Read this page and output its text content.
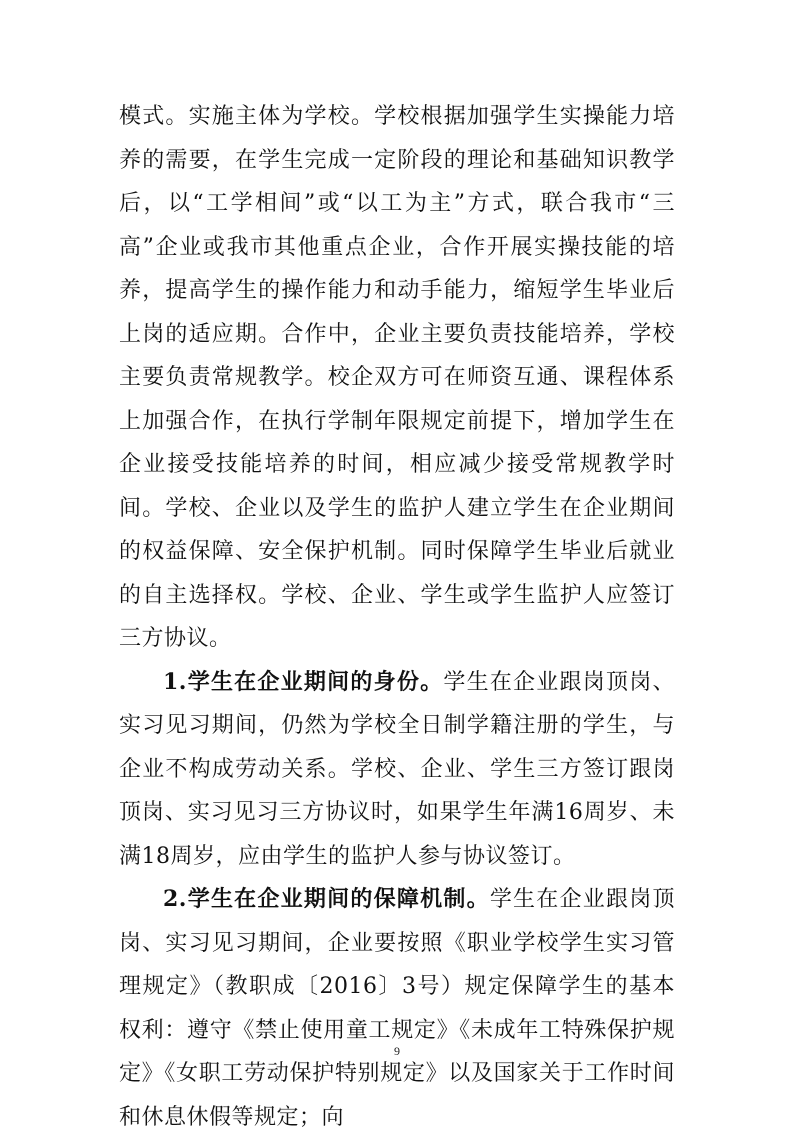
模式。实施主体为学校。学校根据加强学生实操能力培养的需要，在学生完成一定阶段的理论和基础知识教学后，以“工学相间”或“以工为主”方式，联合我市“三高”企业或我市其他重点企业，合作开展实操技能的培养，提高学生的操作能力和动手能力，缩短学生毕业后上岗的适应期。合作中，企业主要负责技能培养，学校主要负责常规教学。校企双方可在师资互通、课程体系上加强合作，在执行学制年限规定前提下，增加学生在企业接受技能培养的时间，相应减少接受常规教学时间。学校、企业以及学生的监护人建立学生在企业期间的权益保障、安全保护机制。同时保障学生毕业后就业的自主选择权。学校、企业、学生或学生监护人应签订三方协议。

1.学生在企业期间的身份。学生在企业跟岗顶岗、实习见习期间，仍然为学校全日制学籍注册的学生，与企业不构成劳动关系。学校、企业、学生三方签订跟岗顶岗、实习见习三方协议时，如果学生年满16周岁、未满18周岁，应由学生的监护人参与协议签订。

2.学生在企业期间的保障机制。学生在企业跟岗顶岗、实习见习期间，企业要按照《职业学校学生实习管理规定》（教职成〔2016〕3号）规定保障学生的基本权利：遵守《禁止使用童工规定》《未成年工特殊保护规定》《女职工劳动保护特别规定》以及国家关于工作时间和休息休假等规定；向

9
